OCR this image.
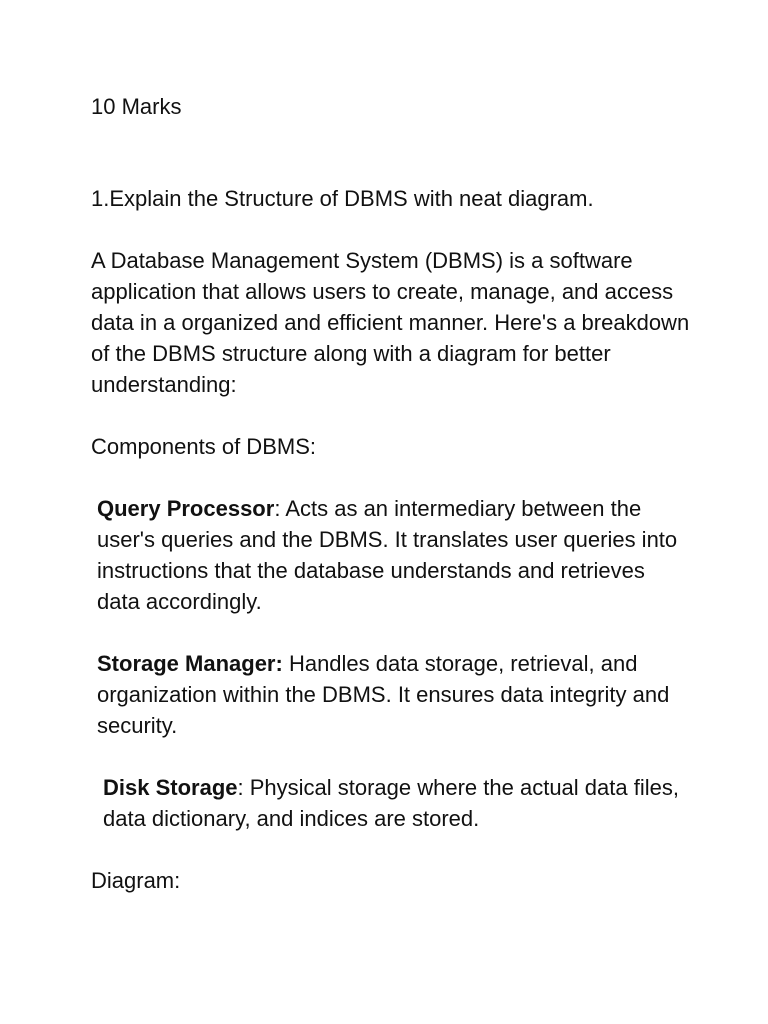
10 Marks

1.Explain the Structure of DBMS with neat diagram.

A Database Management System (DBMS) is a software application that allows users to create, manage, and access data in a organized and efficient manner. Here's a breakdown of the DBMS structure along with a diagram for better understanding:

Components of DBMS:

Query Processor: Acts as an intermediary between the user's queries and the DBMS. It translates user queries into instructions that the database understands and retrieves data accordingly.

Storage Manager: Handles data storage, retrieval, and organization within the DBMS. It ensures data integrity and security.

Disk Storage: Physical storage where the actual data files, data dictionary, and indices are stored.

Diagram:
